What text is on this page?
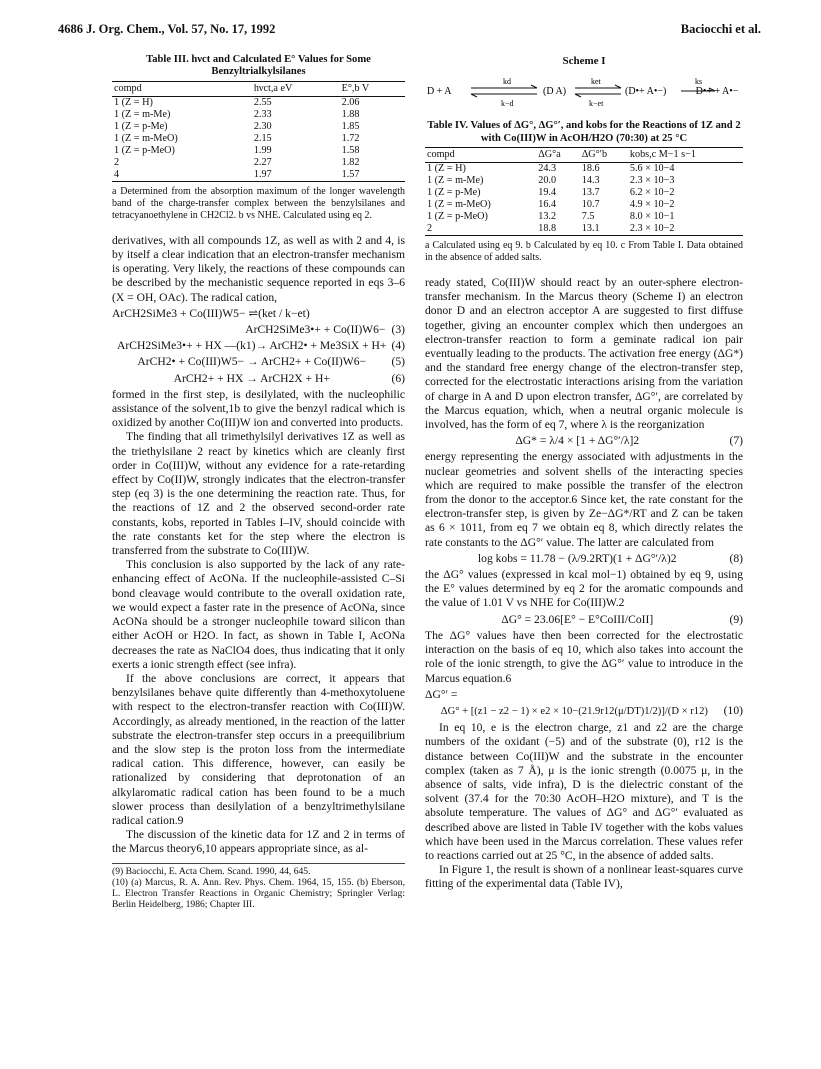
4686 J. Org. Chem., Vol. 57, No. 17, 1992	Baciocchi et al.
Table III. hνct and Calculated E° Values for Some Benzyltrialkylsilanes
compd	hνct,a eV	E°,b V
1 (Z = H)	2.55	2.06
1 (Z = m-Me)	2.33	1.88
1 (Z = p-Me)	2.30	1.85
1 (Z = m-MeO)	2.15	1.72
1 (Z = p-MeO)	1.99	1.58
2	2.27	1.82
4	1.97	1.57
a Determined from the absorption maximum of the longer wavelength band of the charge-transfer complex between the benzylsilanes and tetracyanoethylene in CH2Cl2. b vs NHE. Calculated using eq 2.

derivatives, with all compounds 1Z, as well as with 2 and 4, is by itself a clear indication that an electron-transfer mechanism is operating. Very likely, the reactions of these compounds can be described by the mechanistic sequence reported in eqs 3–6 (X = OH, OAc). The radical cation,

ArCH2SiMe3 + Co(III)W5− ⇌(ket / k−et)
ArCH2SiMe3•+ + Co(II)W6− (3)
ArCH2SiMe3•+ + HX —(k1)→ ArCH2• + Me3SiX + H+ (4)
ArCH2• + Co(III)W5− → ArCH2+ + Co(II)W6−	(5)
ArCH2+ + HX → ArCH2X + H+	(6)

formed in the first step, is desilylated, with the nucleophilic assistance of the solvent,1b to give the benzyl radical which is oxidized by another Co(III)W ion and converted into products.

The finding that all trimethylsilyl derivatives 1Z as well as the triethylsilane 2 react by kinetics which are cleanly first order in Co(III)W, without any evidence for a rate-retarding effect by Co(II)W, strongly indicates that the electron-transfer step (eq 3) is the one determining the reaction rate. Thus, for the reactions of 1Z and 2 the observed second-order rate constants, kobs, reported in Tables I–IV, should coincide with the rate constants ket for the step where the electron is transferred from the substrate to Co(III)W.

This conclusion is also supported by the lack of any rate-enhancing effect of AcONa. If the nucleophile-assisted C–Si bond cleavage would contribute to the overall oxidation rate, we would expect a faster rate in the presence of AcONa, since AcONa should be a stronger nucleophile toward silicon than either AcOH or H2O. In fact, as shown in Table I, AcONa decreases the rate as NaClO4 does, thus indicating that it only exerts a ionic strength effect (see infra).

If the above conclusions are correct, it appears that benzylsilanes behave quite differently than 4-methoxytoluene with respect to the electron-transfer reaction with Co(III)W. Accordingly, as already mentioned, in the reaction of the latter substrate the electron-transfer step occurs in a preequilibrium and the slow step is the proton loss from the intermediate radical cation. This difference, however, can easily be rationalized by considering that deprotonation of an alkylaromatic radical cation has been found to be a much slower process than desilylation of a benzyltrimethylsilane radical cation.9

The discussion of the kinetic data for 1Z and 2 in terms of the Marcus theory6,10 appears appropriate since, as al-

(9) Baciocchi, E. Acta Chem. Scand. 1990, 44, 645.
(10) (a) Marcus, R. A. Ann. Rev. Phys. Chem. 1964, 15, 155. (b) Eberson, L. Electron Transfer Reactions in Organic Chemistry; Springler Verlag: Berlin Heidelberg, 1986; Chapter III.
Scheme I
D + A
kd
k−d
(D A)
ket
k−et
(D•+ A•−)
ks
D•+ + A•−
Table IV. Values of ΔG°, ΔG°′, and kobs for the Reactions of 1Z and 2 with Co(III)W in AcOH/H2O (70:30) at 25 °C
compd	ΔG°a	ΔG°′b	kobs,c M−1 s−1
1 (Z = H)	24.3	18.6	5.6 × 10−4
1 (Z = m-Me)	20.0	14.3	2.3 × 10−3
1 (Z = p-Me)	19.4	13.7	6.2 × 10−2
1 (Z = m-MeO)	16.4	10.7	4.9 × 10−2
1 (Z = p-MeO)	13.2	7.5	8.0 × 10−1
2	18.8	13.1	2.3 × 10−2
a Calculated using eq 9. b Calculated by eq 10. c From Table I. Data obtained in the absence of added salts.

ready stated, Co(III)W should react by an outer-sphere electron-transfer mechanism. In the Marcus theory (Scheme I) an electron donor D and an electron acceptor A are suggested to first diffuse together, giving an encounter complex which then undergoes an electron-transfer reaction to form a geminate radical ion pair eventually leading to the products. The activation free energy (ΔG*) and the standard free energy change of the electron-transfer step, corrected for the electrostatic interactions arising from the variation of charge in A and D upon electron transfer, ΔG°′, are correlated by the Marcus equation, which, when a neutral organic molecule is involved, has the form of eq 7, where λ is the reorganization

ΔG* = λ/4 × [1 + ΔG°′/λ]2	(7)

energy representing the energy associated with adjustments in the nuclear geometries and solvent shells of the interacting species which are required to make possible the transfer of the electron from the donor to the acceptor.6 Since ket, the rate constant for the electron-transfer step, is given by Ze−ΔG*/RT and Z can be taken as 6 × 1011, from eq 7 we obtain eq 8, which directly relates the rate constants to the ΔG°′ value. The latter are calculated from

log kobs = 11.78 − (λ/9.2RT)(1 + ΔG°′/λ)2	(8)

the ΔG° values (expressed in kcal mol−1) obtained by eq 9, using the E° values determined by eq 2 for the aromatic compounds and the value of 1.01 V vs NHE for Co(III)W.2

ΔG° = 23.06[E° − E°CoIII/CoII]	(9)

The ΔG° values have then been corrected for the electrostatic interaction on the basis of eq 10, which also takes into account the role of the ionic strength, to give the ΔG°′ value to introduce in the Marcus equation.6

ΔG°′ =
ΔG° + [(z1 − z2 − 1) × e2 × 10−(21.9r12(μ/DT)1/2)]/(D × r12)	(10)

In eq 10, e is the electron charge, z1 and z2 are the charge numbers of the oxidant (−5) and of the substrate (0), r12 is the distance between Co(III)W and the substrate in the encounter complex (taken as 7 Å), μ is the ionic strength (0.0075 μ, in the absence of salts, vide infra), D is the dielectric constant of the solvent (37.4 for the 70:30 AcOH–H2O mixture), and T is the absolute temperature. The values of ΔG° and ΔG°′ evaluated as described above are listed in Table IV together with the kobs values which have been used in the Marcus correlation. These values refer to reactions carried out at 25 °C, in the absence of added salts.

In Figure 1, the result is shown of a nonlinear least-squares curve fitting of the experimental data (Table IV),
